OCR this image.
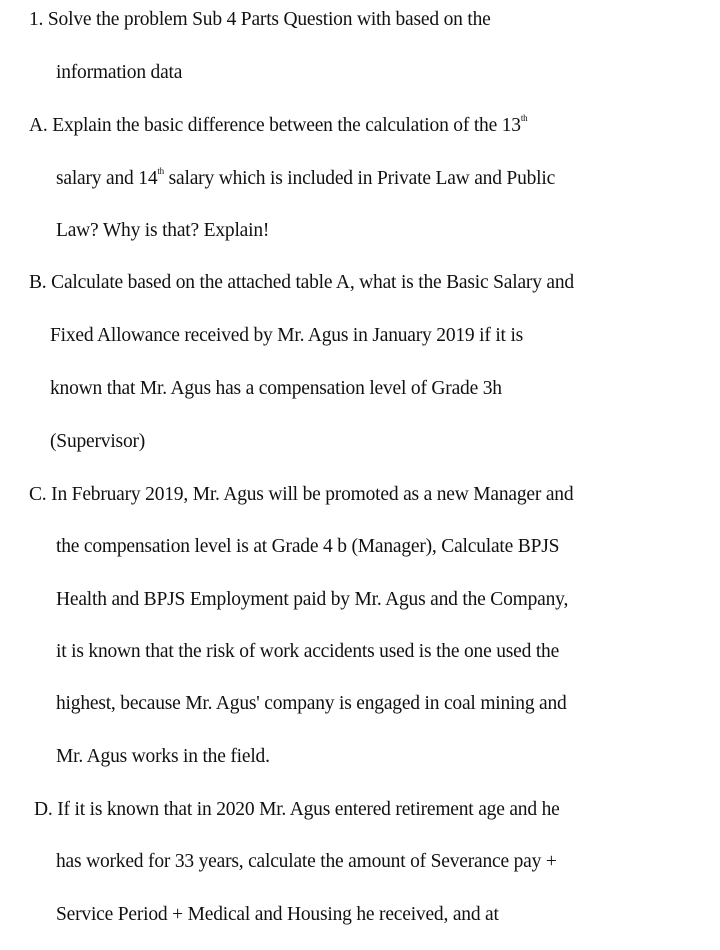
1. Solve the problem Sub 4 Parts Question with based on the
information data
A. Explain the basic difference between the calculation of the 13th
salary and 14th salary which is included in Private Law and Public
Law? Why is that? Explain!
B. Calculate based on the attached table A, what is the Basic Salary and
Fixed Allowance received by Mr. Agus in January 2019 if it is
known that Mr. Agus has a compensation level of Grade 3h
(Supervisor)
C. In February 2019, Mr. Agus will be promoted as a new Manager and
the compensation level is at Grade 4 b (Manager), Calculate BPJS
Health and BPJS Employment paid by Mr. Agus and the Company,
it is known that the risk of work accidents used is the one used the
highest, because Mr. Agus' company is engaged in coal mining and
Mr. Agus works in the field.
D. If it is known that in 2020 Mr. Agus entered retirement age and he
has worked for 33 years, calculate the amount of Severance pay +
Service Period + Medical and Housing he received, and at
